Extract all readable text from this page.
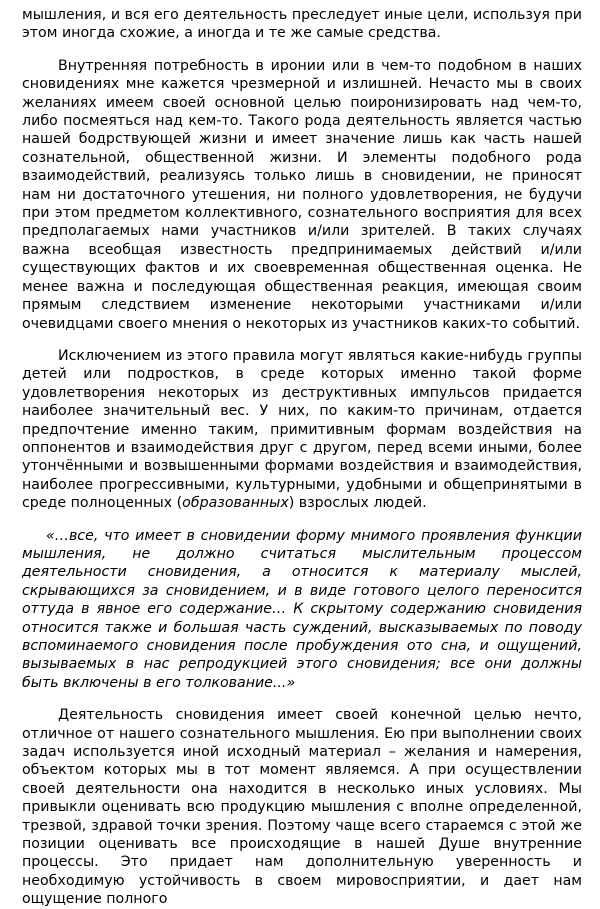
мышления, и вся его деятельность преследует иные цели, используя при этом иногда схожие, а иногда и те же самые средства.

Внутренняя потребность в иронии или в чем-то подобном в наших сновидениях мне кажется чрезмерной и излишней. Нечасто мы в своих желаниях имеем своей основной целью поиронизировать над чем-то, либо посмеяться над кем-то. Такого рода деятельность является частью нашей бодрствующей жизни и имеет значение лишь как часть нашей сознательной, общественной жизни. И элементы подобного рода взаимодействий, реализуясь только лишь в сновидении, не приносят нам ни достаточного утешения, ни полного удовлетворения, не будучи при этом предметом коллективного, сознательного восприятия для всех предполагаемых нами участников и/или зрителей. В таких случаях важна всеобщая известность предпринимаемых действий и/или существующих фактов и их своевременная общественная оценка. Не менее важна и последующая общественная реакция, имеющая своим прямым следствием изменение некоторыми участниками и/или очевидцами своего мнения о некоторых из участников каких-то событий.

Исключением из этого правила могут являться какие-нибудь группы детей или подростков, в среде которых именно такой форме удовлетворения некоторых из деструктивных импульсов придается наиболее значительный вес. У них, по каким-то причинам, отдается предпочтение именно таким, примитивным формам воздействия на оппонентов и взаимодействия друг с другом, перед всеми иными, более утончёнными и возвышенными формами воздействия и взаимодействия, наиболее прогрессивными, культурными, удобными и общепринятыми в среде полноценных (образованных) взрослых людей.

«…все, что имеет в сновидении форму мнимого проявления функции мышления, не должно считаться мыслительным процессом деятельности сновидения, а относится к материалу мыслей, скрывающихся за сновидением, и в виде готового целого переносится оттуда в явное его содержание… К скрытому содержанию сновидения относится также и большая часть суждений, высказываемых по поводу вспоминаемого сновидения после пробуждения ото сна, и ощущений, вызываемых в нас репродукцией этого сновидения; все они должны быть включены в его толкование...»

Деятельность сновидения имеет своей конечной целью нечто, отличное от нашего сознательного мышления. Ею при выполнении своих задач используется иной исходный материал – желания и намерения, объектом которых мы в тот момент являемся. А при осуществлении своей деятельности она находится в несколько иных условиях. Мы привыкли оценивать всю продукцию мышления с вполне определенной, трезвой, здравой точки зрения. Поэтому чаще всего стараемся с этой же позиции оценивать все происходящие в нашей Душе внутренние процессы. Это придает нам дополнительную уверенность и необходимую устойчивость в своем мировосприятии, и дает нам ощущение полного
